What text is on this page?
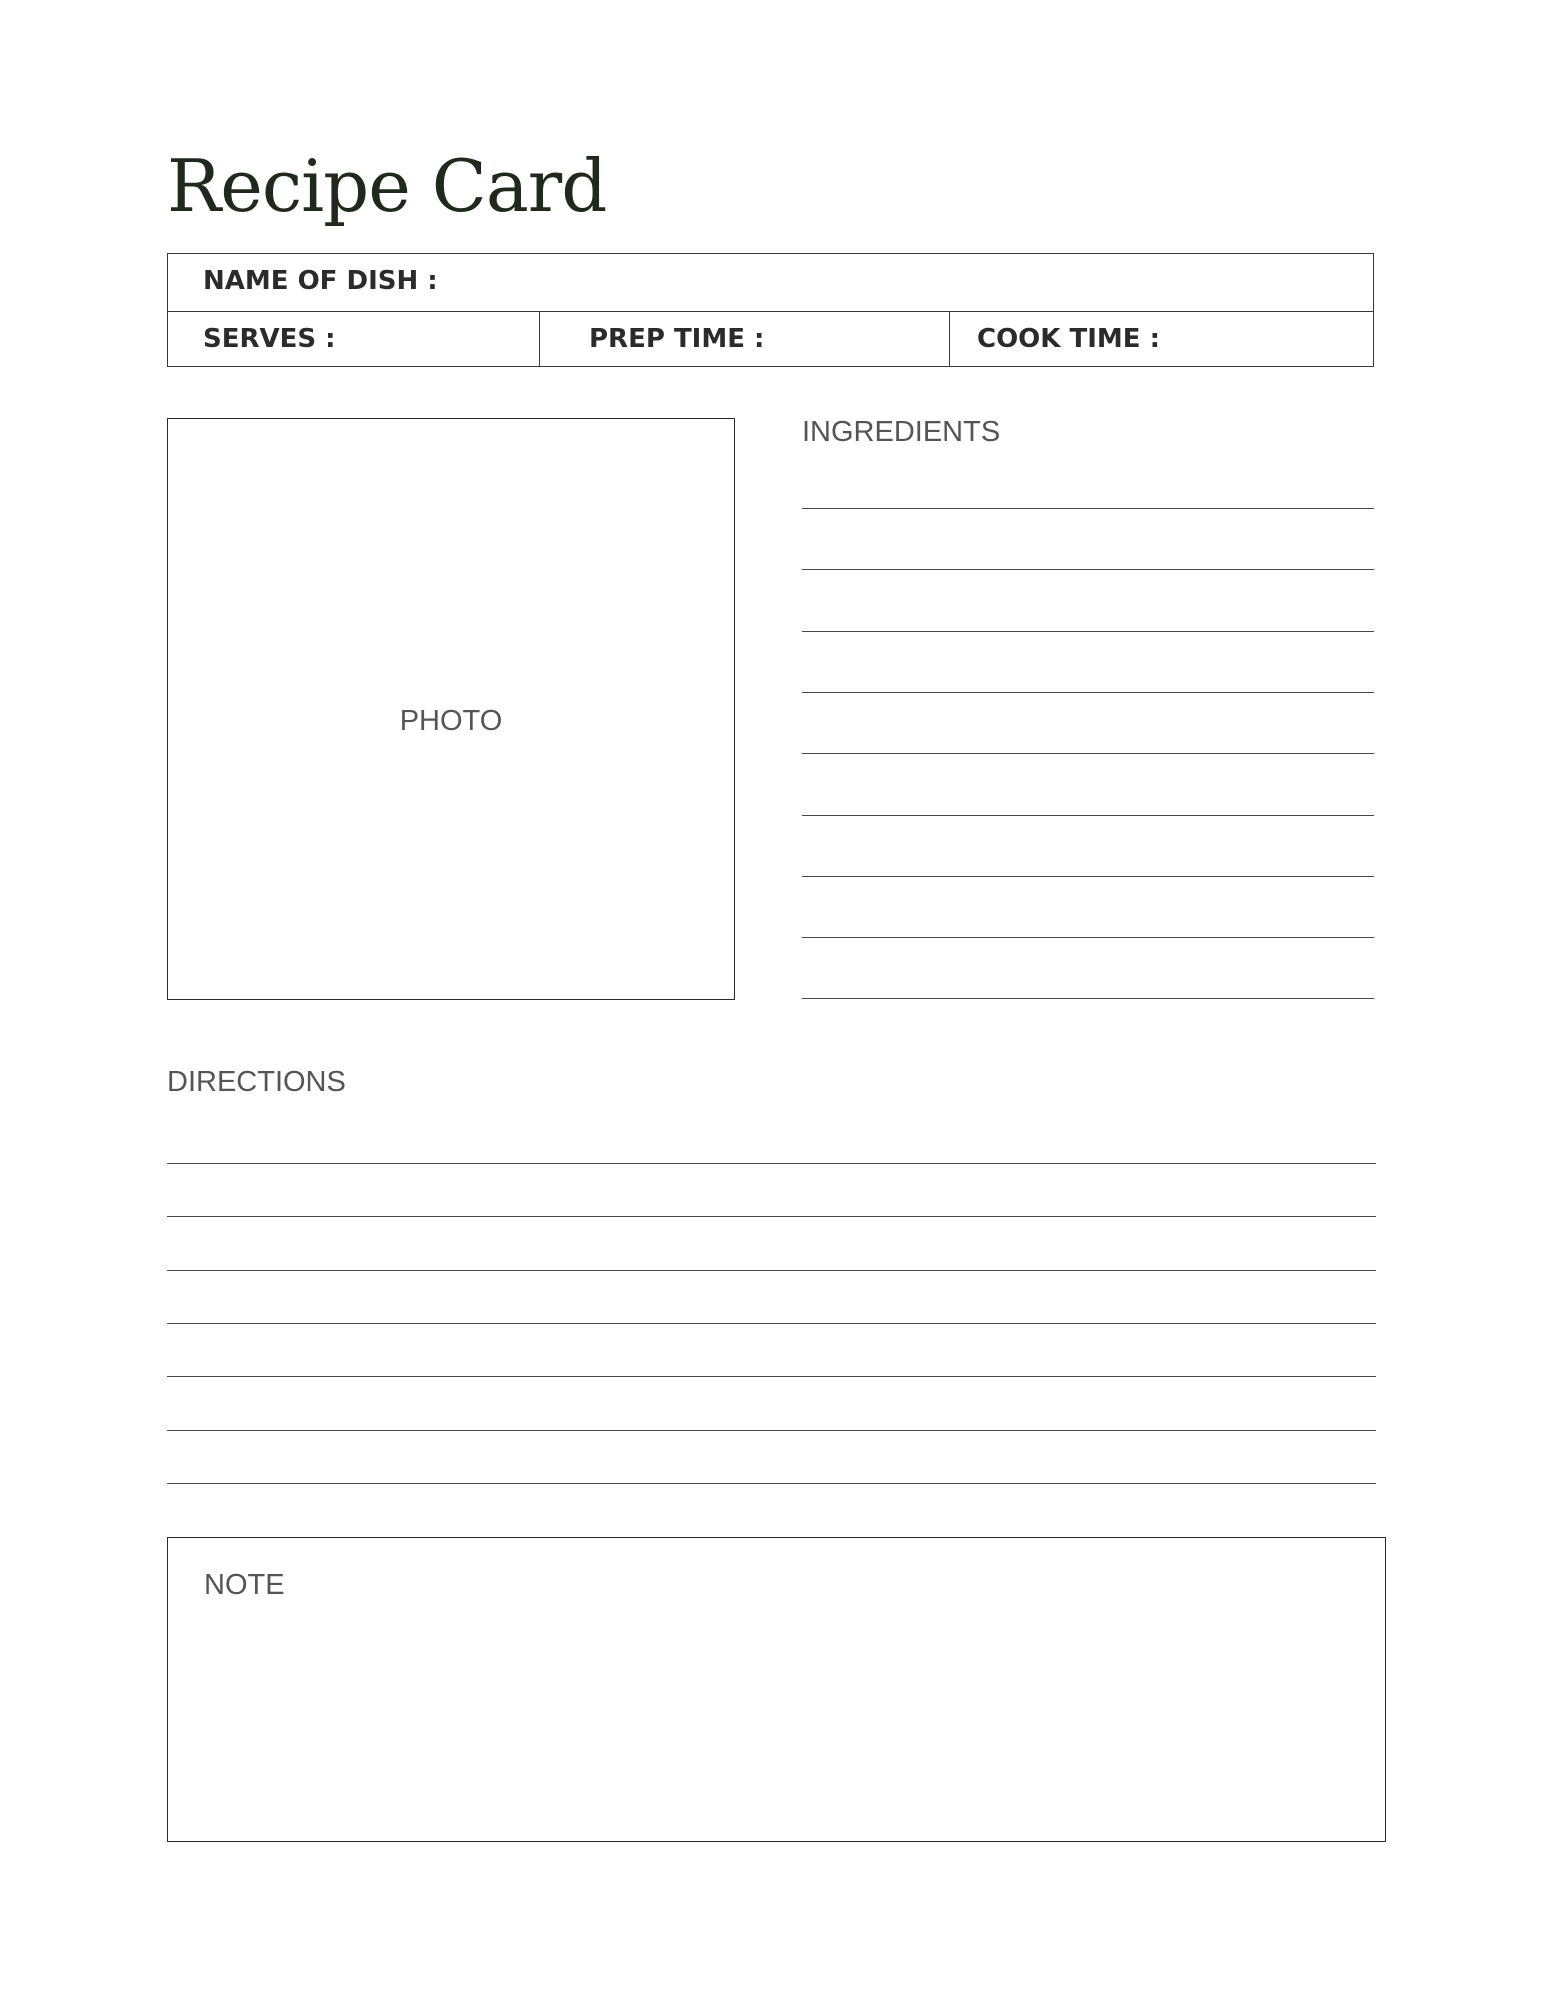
Recipe Card
NAME OF DISH :
SERVES :	PREP TIME :	COOK TIME :
PHOTO
INGREDIENTS
DIRECTIONS
NOTE
